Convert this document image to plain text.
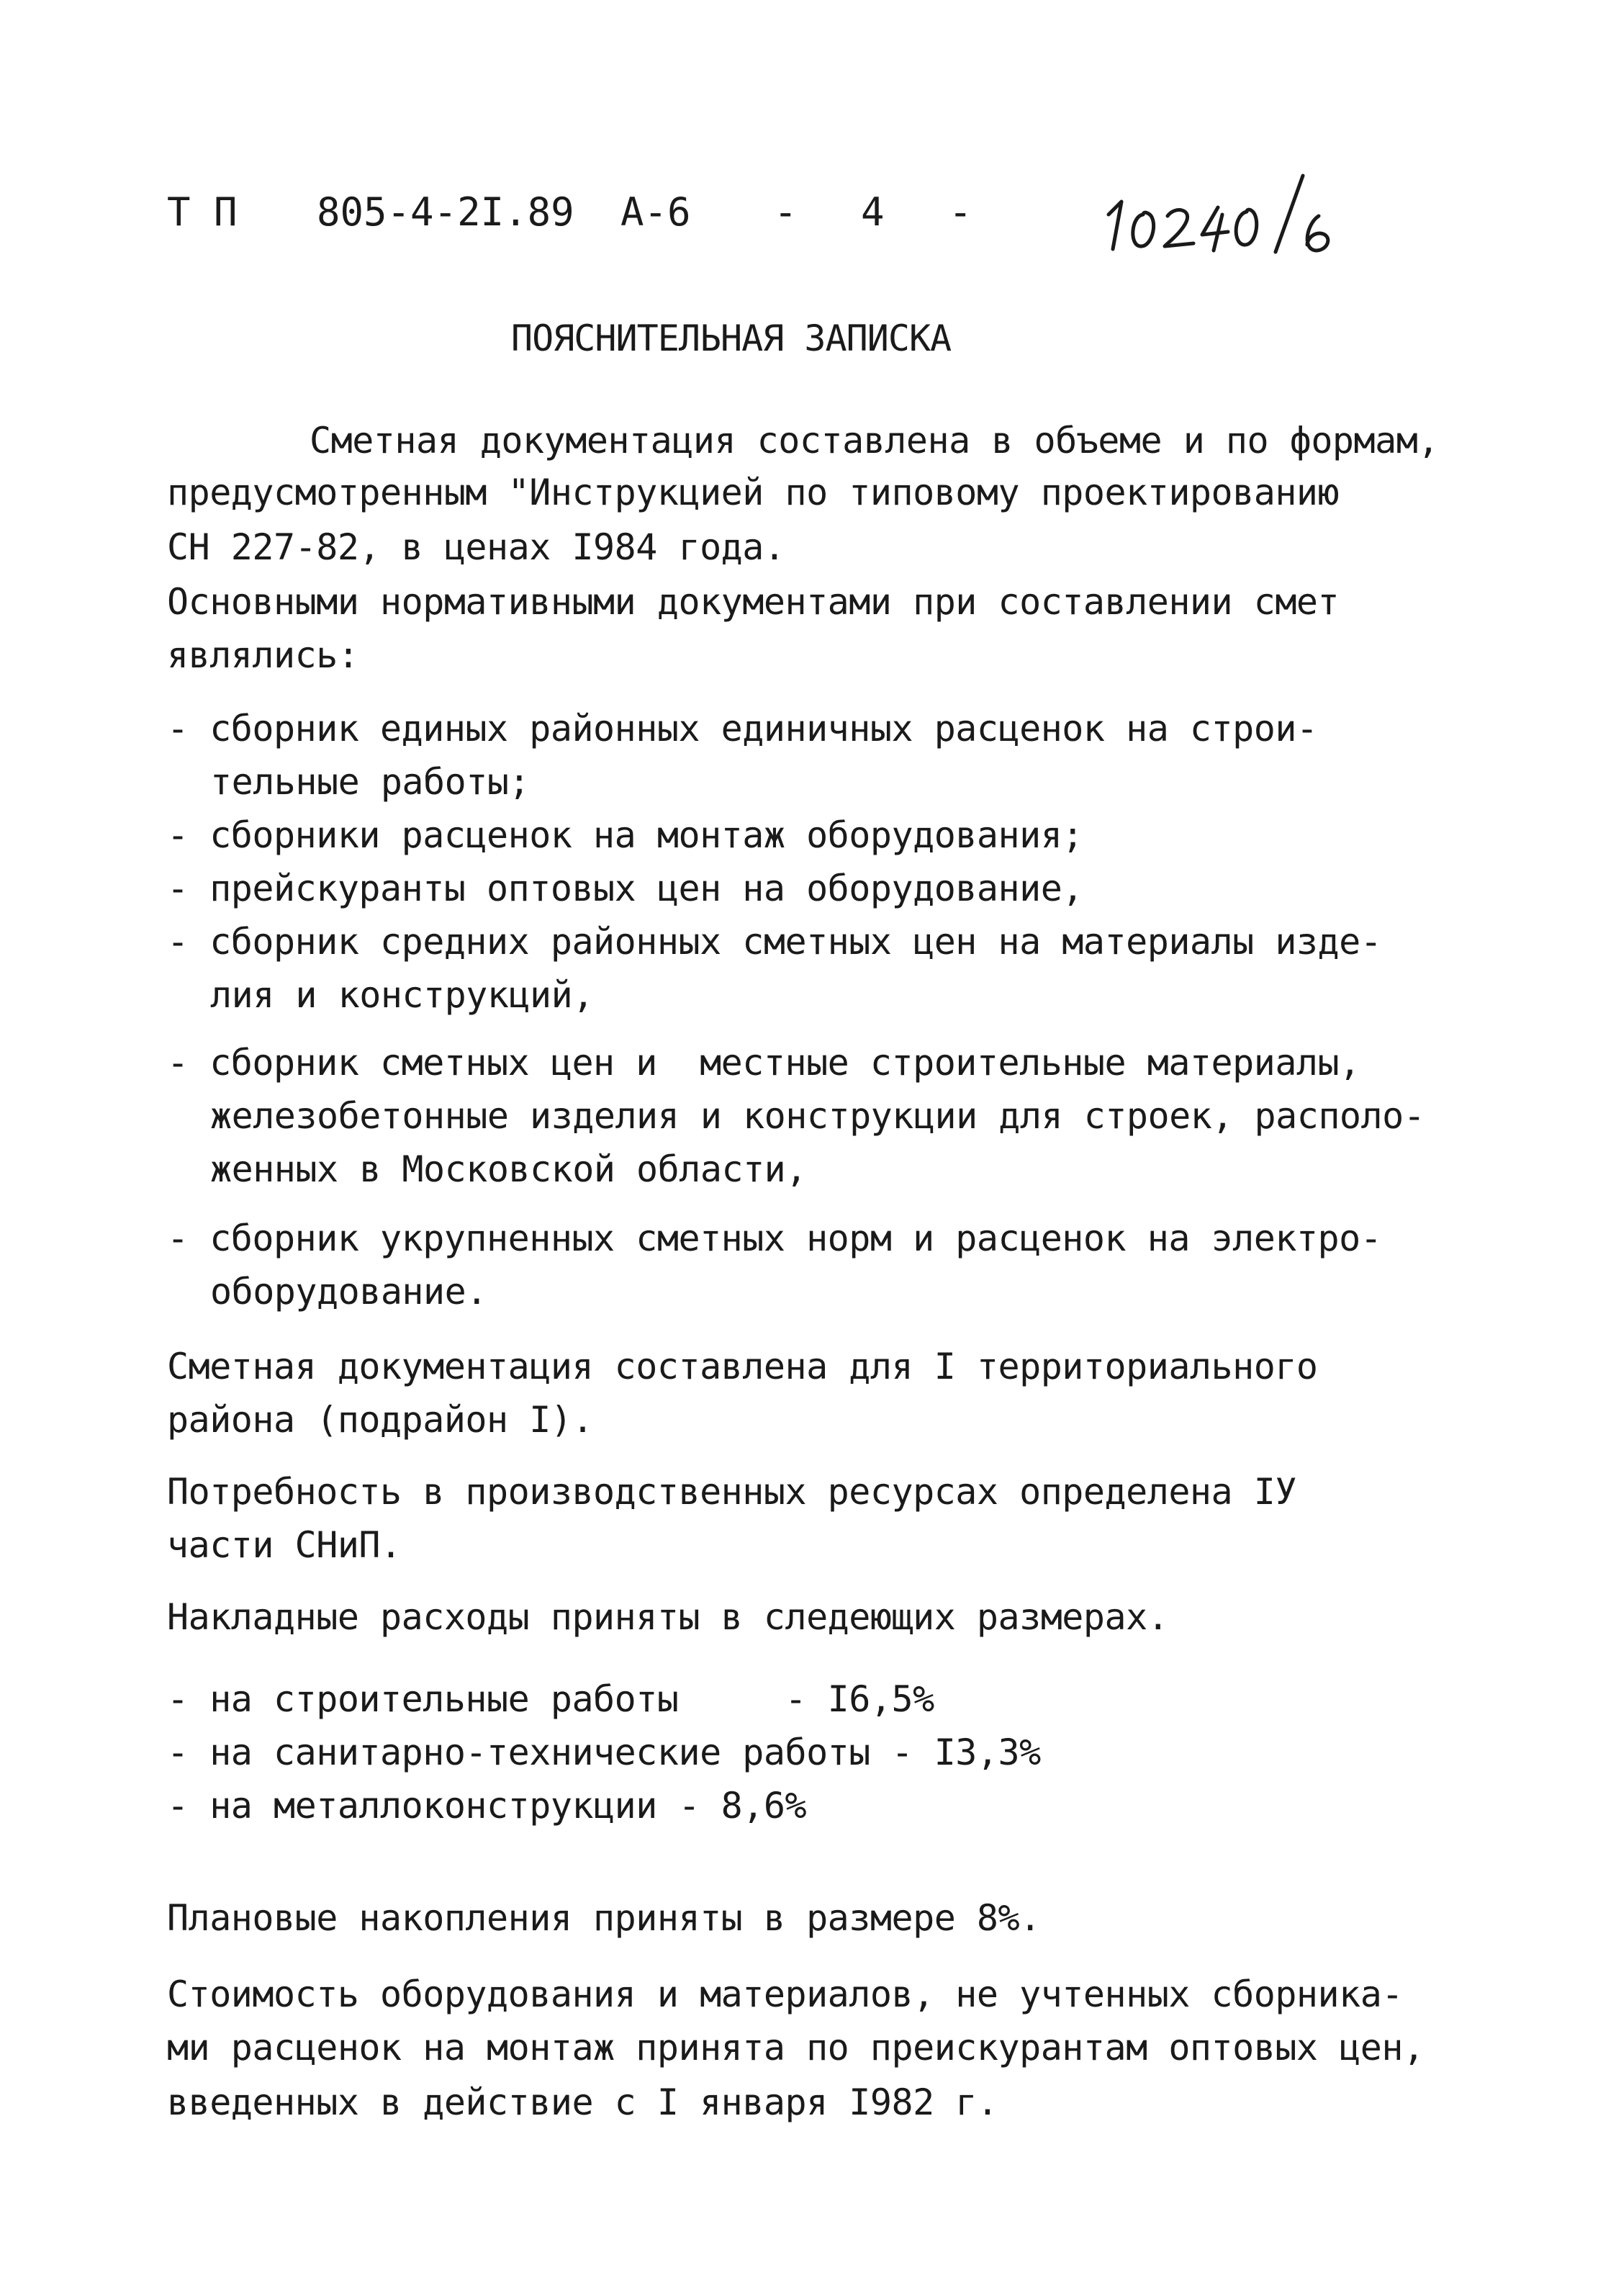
Т П 805-4-2I.89 А-6 - 4 -
ПОЯСНИТЕЛЬНАЯ ЗАПИСКА
Сметная документация составлена в объеме и по формам,
предусмотренным "Инструкцией по типовому проектированию
СН 227-82, в ценах I984 года.
Основными нормативными документами при составлении смет
являлись:
- сборник единых районных единичных расценок на строи-
тельные работы;
- сборники расценок на монтаж оборудования;
- прейскуранты оптовых цен на оборудование,
- сборник средних районных сметных цен на материалы изде-
лия и конструкций,
- сборник сметных цен и  местные строительные материалы,
железобетонные изделия и конструкции для строек, располо-
женных в Московской области,
- сборник укрупненных сметных норм и расценок на электро-
оборудование.
Сметная документация составлена для I территориального
района (подрайон I).
Потребность в производственных ресурсах определена IУ
части СНиП.
Накладные расходы приняты в следеющих размерах.
- на строительные работы     - I6,5%
- на санитарно-технические работы - I3,3%
- на металлоконструкции - 8,6%
Плановые накопления приняты в размере 8%.
Стоимость оборудования и материалов, не учтенных сборника-
ми расценок на монтаж принята по преискурантам оптовых цен,
введенных в действие с I января I982 г.
